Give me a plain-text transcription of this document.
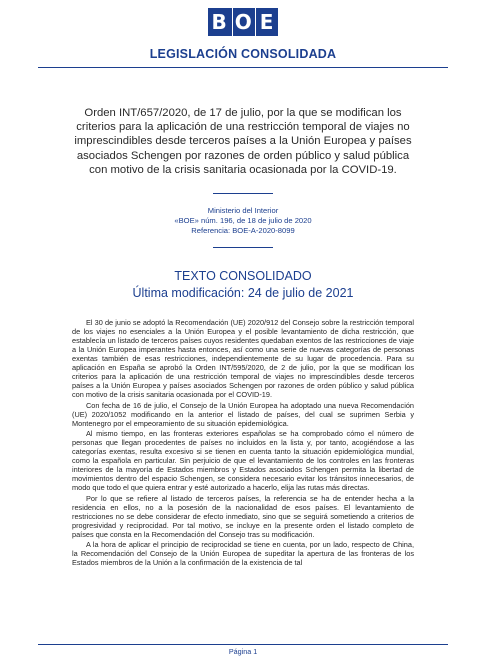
B O E
LEGISLACIÓN CONSOLIDADA
Orden INT/657/2020, de 17 de julio, por la que se modifican los criterios para la aplicación de una restricción temporal de viajes no imprescindibles desde terceros países a la Unión Europea y países asociados Schengen por razones de orden público y salud pública con motivo de la crisis sanitaria ocasionada por la COVID-19.
Ministerio del Interior
«BOE» núm. 196, de 18 de julio de 2020
Referencia: BOE-A-2020-8099
TEXTO CONSOLIDADO
Última modificación: 24 de julio de 2021

El 30 de junio se adoptó la Recomendación (UE) 2020/912 del Consejo sobre la restricción temporal de los viajes no esenciales a la Unión Europea y el posible levantamiento de dicha restricción, que establecía un listado de terceros países cuyos residentes quedaban exentos de las restricciones de viaje a la Unión Europea imperantes hasta entonces, así como una serie de nuevas categorías de personas exentas también de esas restricciones, independientemente de su lugar de procedencia. Para su aplicación en España se aprobó la Orden INT/595/2020, de 2 de julio, por la que se modifican los criterios para la aplicación de una restricción temporal de viajes no imprescindibles desde terceros países a la Unión Europea y países asociados Schengen por razones de orden público y salud pública con motivo de la crisis sanitaria ocasionada por el COVID-19.

Con fecha de 16 de julio, el Consejo de la Unión Europea ha adoptado una nueva Recomendación (UE) 2020/1052 modificando en la anterior el listado de países, del cual se suprimen Serbia y Montenegro por el empeoramiento de su situación epidemiológica.

Al mismo tiempo, en las fronteras exteriores españolas se ha comprobado cómo el número de personas que llegan procedentes de países no incluidos en la lista y, por tanto, acogiéndose a las categorías exentas, resulta excesivo si se tienen en cuenta tanto la situación epidemiológica mundial, como la española en particular. Sin perjuicio de que el levantamiento de los controles en las fronteras interiores de la mayoría de Estados miembros y Estados asociados Schengen permita la libertad de movimientos dentro del espacio Schengen, se considera necesario evitar los tránsitos innecesarios, de modo que todo el que quiera entrar y esté autorizado a hacerlo, elija las rutas más directas.

Por lo que se refiere al listado de terceros países, la referencia se ha de entender hecha a la residencia en ellos, no a la posesión de la nacionalidad de esos países. El levantamiento de restricciones no se debe considerar de efecto inmediato, sino que se seguirá sometiendo a criterios de progresividad y reciprocidad. Por tal motivo, se incluye en la presente orden el listado completo de países que consta en la Recomendación del Consejo tras su modificación.

A la hora de aplicar el principio de reciprocidad se tiene en cuenta, por un lado, respecto de China, la Recomendación del Consejo de la Unión Europea de supeditar la apertura de las fronteras de los Estados miembros de la Unión a la confirmación de la existencia de tal

Página 1
